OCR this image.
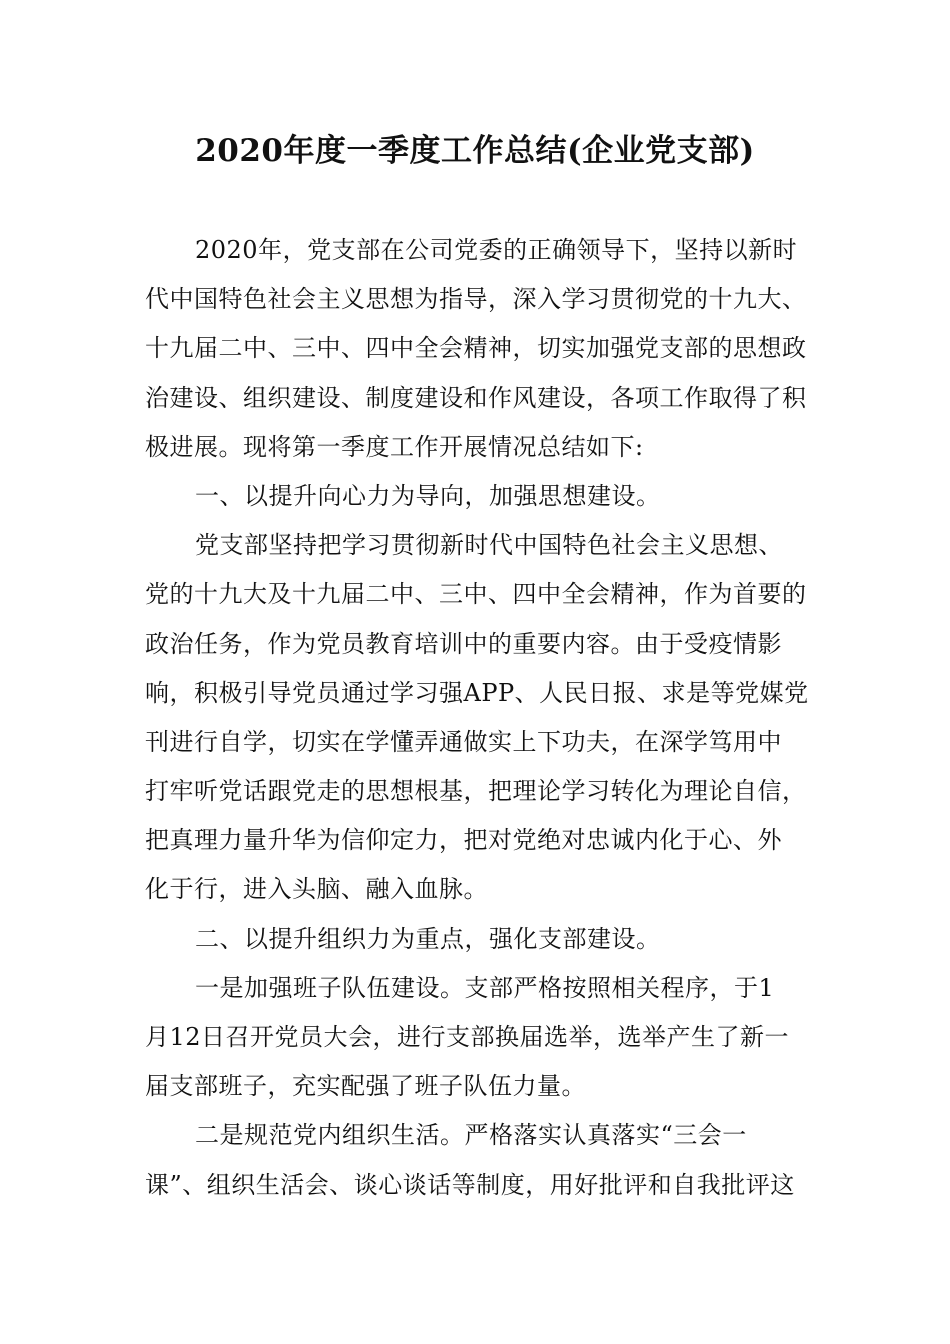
2020年度一季度工作总结(企业党支部)
2020年，党支部在公司党委的正确领导下，坚持以新时
代中国特色社会主义思想为指导，深入学习贯彻党的十九大、
十九届二中、三中、四中全会精神，切实加强党支部的思想政
治建设、组织建设、制度建设和作风建设，各项工作取得了积
极进展。现将第一季度工作开展情况总结如下:
一、以提升向心力为导向，加强思想建设。
党支部坚持把学习贯彻新时代中国特色社会主义思想、
党的十九大及十九届二中、三中、四中全会精神，作为首要的
政治任务，作为党员教育培训中的重要内容。由于受疫情影
响，积极引导党员通过学习强APP、人民日报、求是等党媒党
刊进行自学，切实在学懂弄通做实上下功夫，在深学笃用中
打牢听党话跟党走的思想根基，把理论学习转化为理论自信，
把真理力量升华为信仰定力，把对党绝对忠诚内化于心、外
化于行，进入头脑、融入血脉。
二、以提升组织力为重点，强化支部建设。
一是加强班子队伍建设。支部严格按照相关程序，于1
月12日召开党员大会，进行支部换届选举，选举产生了新一
届支部班子，充实配强了班子队伍力量。
二是规范党内组织生活。严格落实认真落实“三会一
课”、组织生活会、谈心谈话等制度，用好批评和自我批评这
